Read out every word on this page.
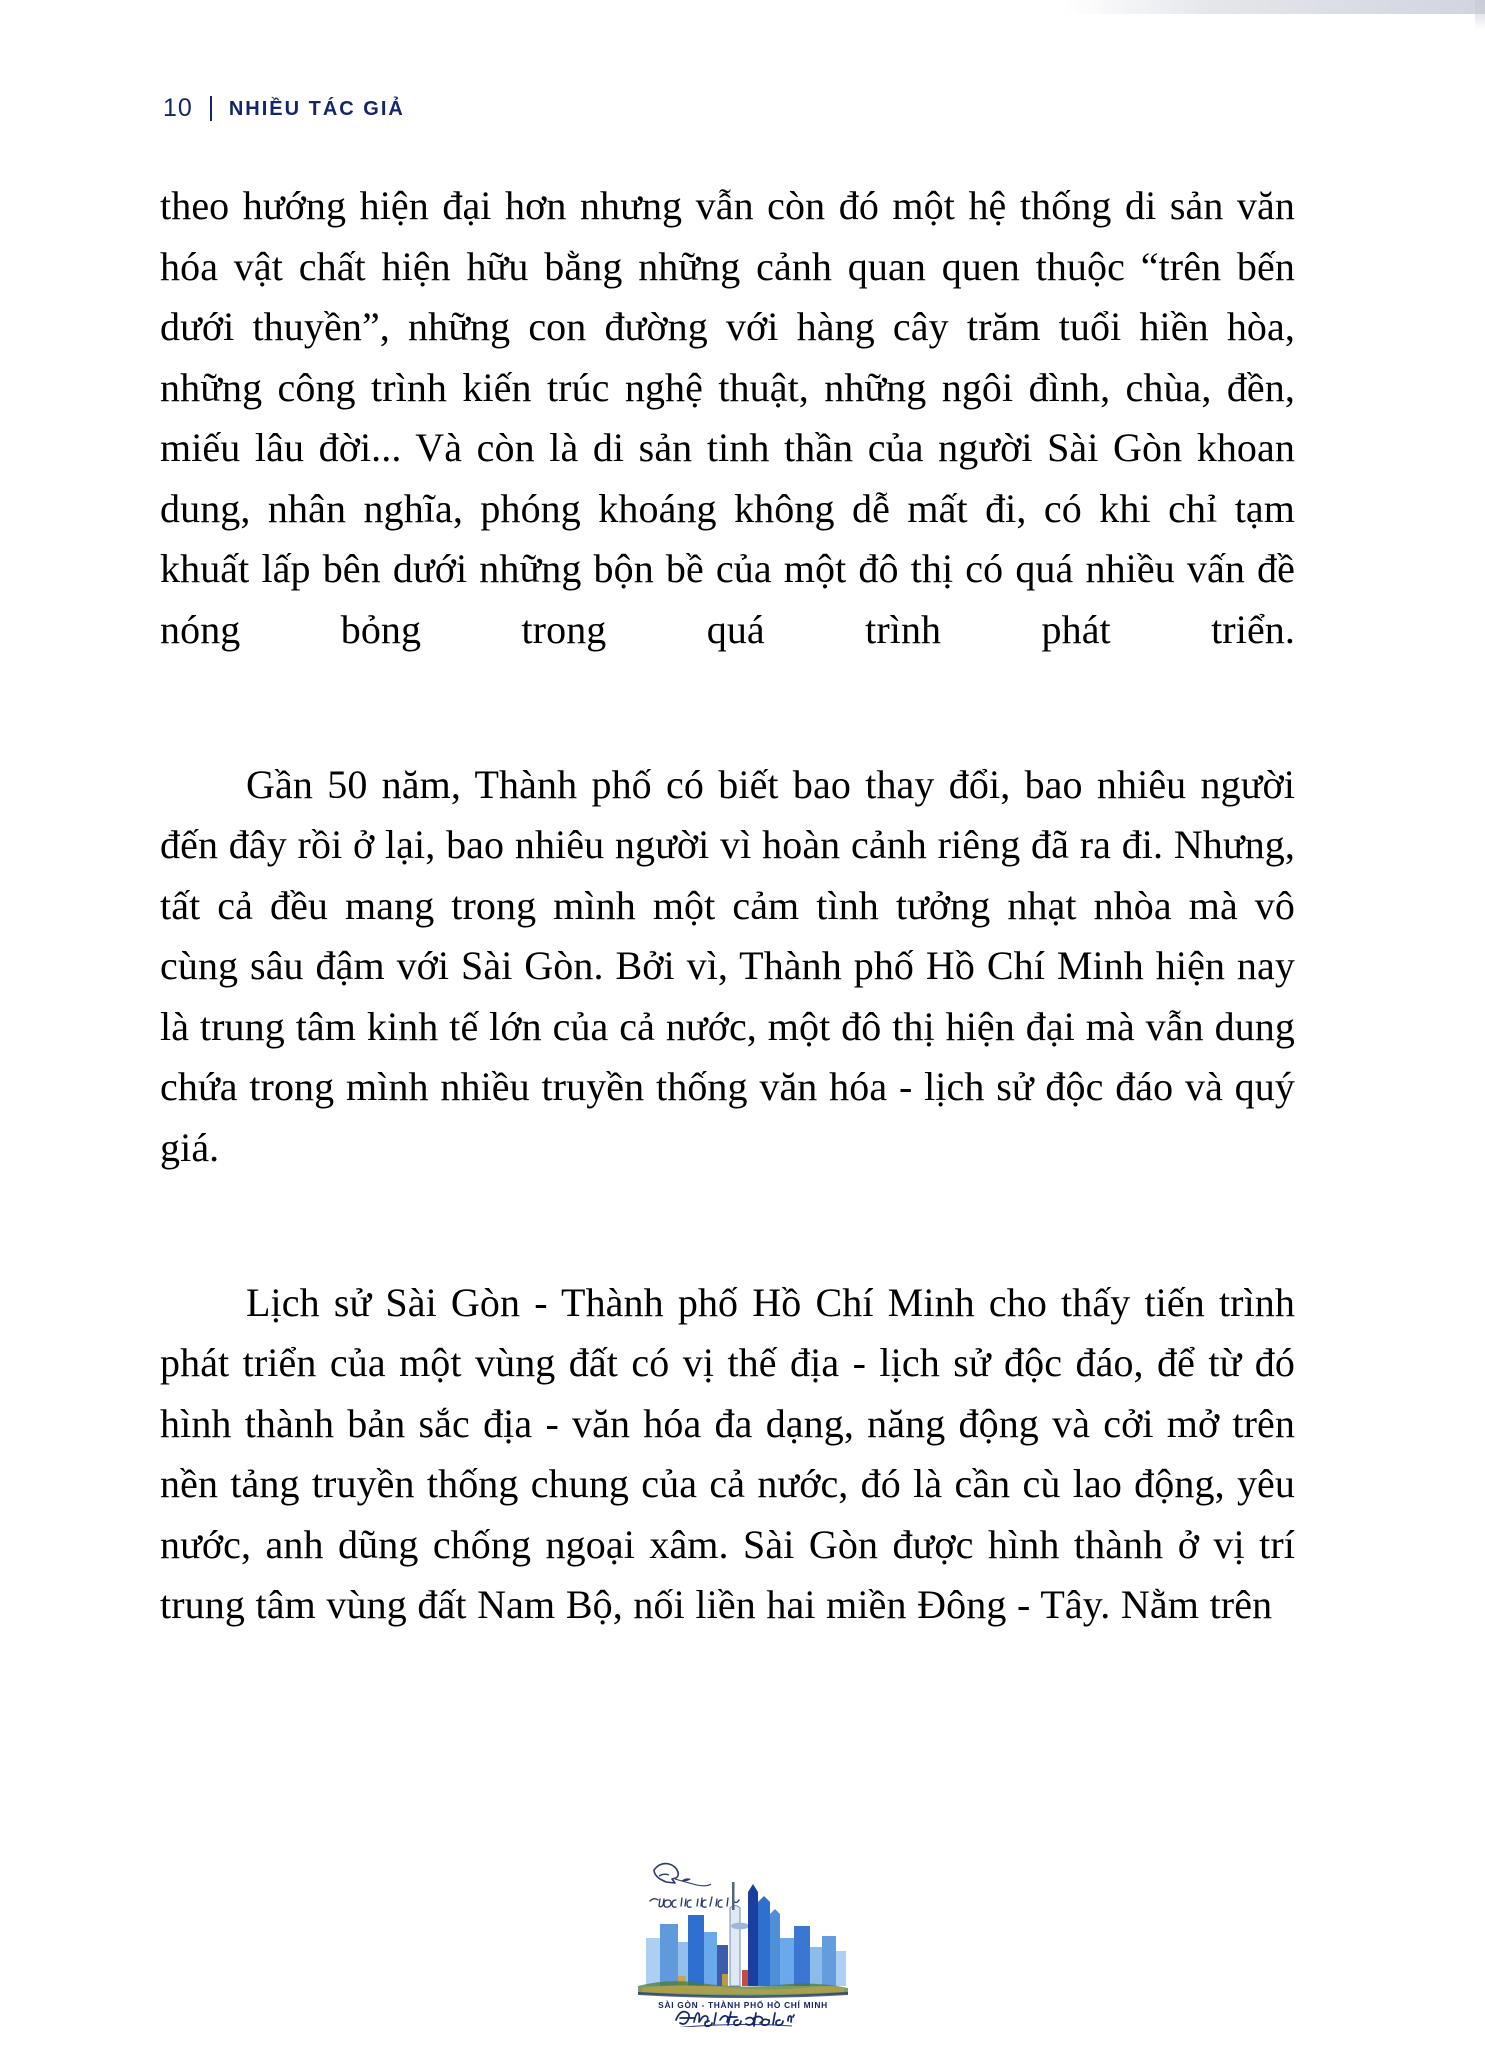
10 NHIỀU TÁC GIẢ

theo hướng hiện đại hơn nhưng vẫn còn đó một hệ thống di sản văn hóa vật chất hiện hữu bằng những cảnh quan quen thuộc “trên bến dưới thuyền”, những con đường với hàng cây trăm tuổi hiền hòa, những công trình kiến trúc nghệ thuật, những ngôi đình, chùa, đền, miếu lâu đời... Và còn là di sản tinh thần của người Sài Gòn khoan dung, nhân nghĩa, phóng khoáng không dễ mất đi, có khi chỉ tạm khuất lấp bên dưới những bộn bề của một đô thị có quá nhiều vấn đề nóng bỏng trong quá trình phát triển.

Gần 50 năm, Thành phố có biết bao thay đổi, bao nhiêu người đến đây rồi ở lại, bao nhiêu người vì hoàn cảnh riêng đã ra đi. Nhưng, tất cả đều mang trong mình một cảm tình tưởng nhạt nhòa mà vô cùng sâu đậm với Sài Gòn. Bởi vì, Thành phố Hồ Chí Minh hiện nay là trung tâm kinh tế lớn của cả nước, một đô thị hiện đại mà vẫn dung chứa trong mình nhiều truyền thống văn hóa - lịch sử độc đáo và quý giá.

Lịch sử Sài Gòn - Thành phố Hồ Chí Minh cho thấy tiến trình phát triển của một vùng đất có vị thế địa - lịch sử độc đáo, để từ đó hình thành bản sắc địa - văn hóa đa dạng, năng động và cởi mở trên nền tảng truyền thống chung của cả nước, đó là cần cù lao động, yêu nước, anh dũng chống ngoại xâm. Sài Gòn được hình thành ở vị trí trung tâm vùng đất Nam Bộ, nối liền hai miền Đông - Tây. Nằm trên

SÀI GÒN - THÀNH PHỐ HỒ CHÍ MINH
